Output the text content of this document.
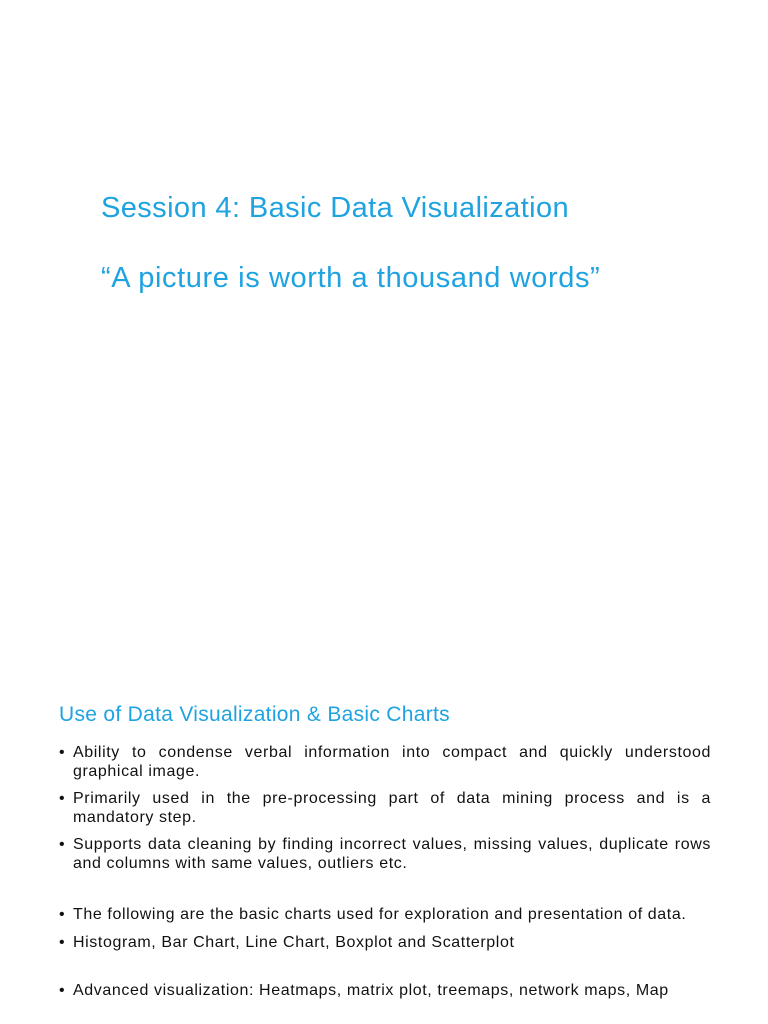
Session 4: Basic Data Visualization
“A picture is worth a thousand words”
Use of Data Visualization & Basic Charts
• Ability to condense verbal information into compact and quickly understood graphical image.
• Primarily used in the pre-processing part of data mining process and is a mandatory step.
• Supports data cleaning by finding incorrect values, missing values, duplicate rows and columns with same values, outliers etc.
• The following are the basic charts used for exploration and presentation of data.
• Histogram, Bar Chart, Line Chart, Boxplot and Scatterplot
• Advanced visualization: Heatmaps, matrix plot, treemaps, network maps, Map
